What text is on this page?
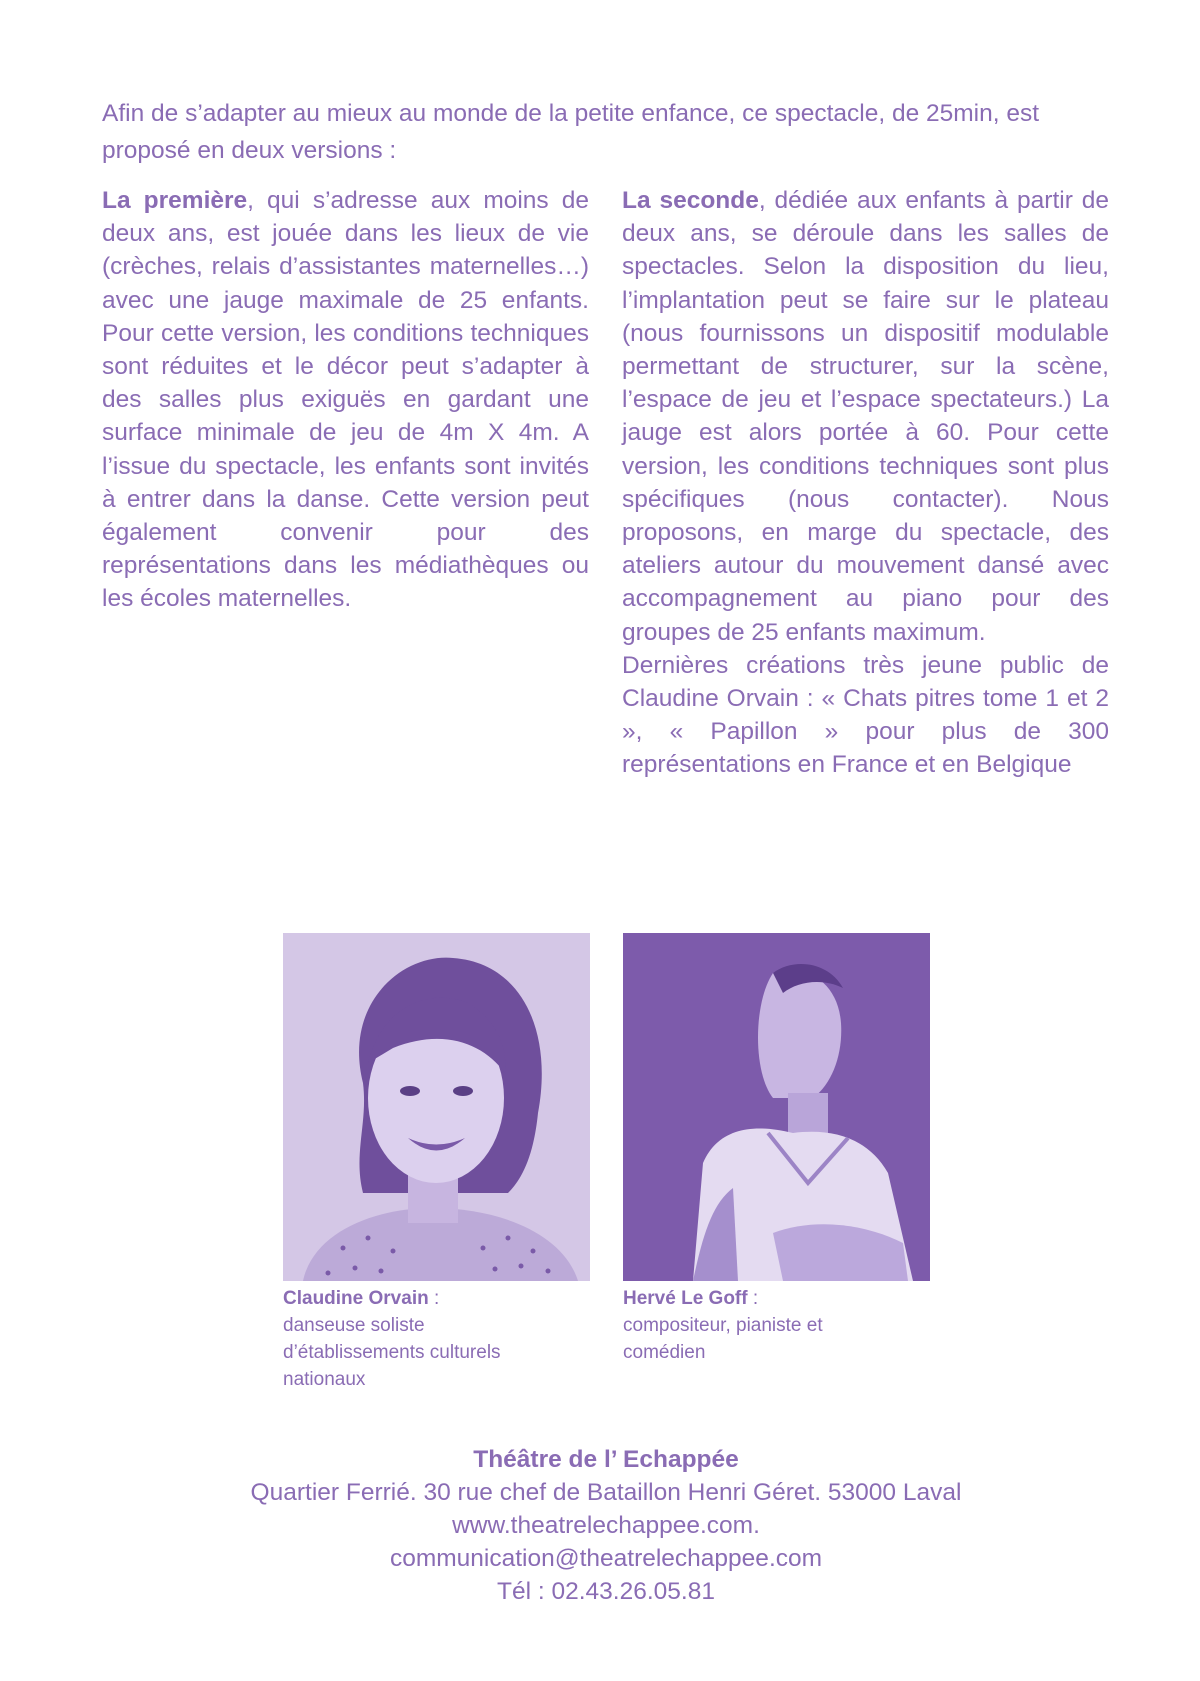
Afin de s’adapter au mieux au monde de la petite enfance, ce spectacle, de 25min, est proposé en deux versions :

La première, qui s’adresse aux moins de deux ans, est jouée dans les lieux de vie (crèches, relais d’assistantes maternelles…) avec une jauge maximale de 25 enfants. Pour cette version, les conditions techniques sont réduites et le décor peut s’adapter à des salles plus exiguës en gardant une surface minimale de jeu de 4m X 4m. A l’issue du spectacle, les enfants sont invités à entrer dans la danse. Cette version peut également convenir pour des représentations dans les médiathèques ou les écoles maternelles.

La seconde, dédiée aux enfants à partir de deux ans, se déroule dans les salles de spectacles. Selon la disposition du lieu, l’implantation peut se faire sur le plateau (nous fournissons un dispositif modulable permettant de structurer, sur la scène, l’espace de jeu et l’espace spectateurs.) La jauge est alors portée à 60. Pour cette version, les conditions techniques sont plus spécifiques (nous contacter). Nous proposons, en marge du spectacle, des ateliers autour du mouvement dansé avec accompagnement au piano pour des groupes de 25 enfants maximum.

Dernières créations très jeune public de Claudine Orvain : « Chats pitres tome 1 et 2 », « Papillon » pour plus de 300 représentations en France et en Belgique

Claudine Orvain :
danseuse soliste
d’établissements culturels
nationaux
Hervé Le Goff :
compositeur, pianiste et
comédien
Théâtre de l’ Echappée
Quartier Ferrié. 30 rue chef de Bataillon Henri Géret. 53000 Laval
www.theatrelechappee.com.
communication@theatrelechappee.com
Tél : 02.43.26.05.81
